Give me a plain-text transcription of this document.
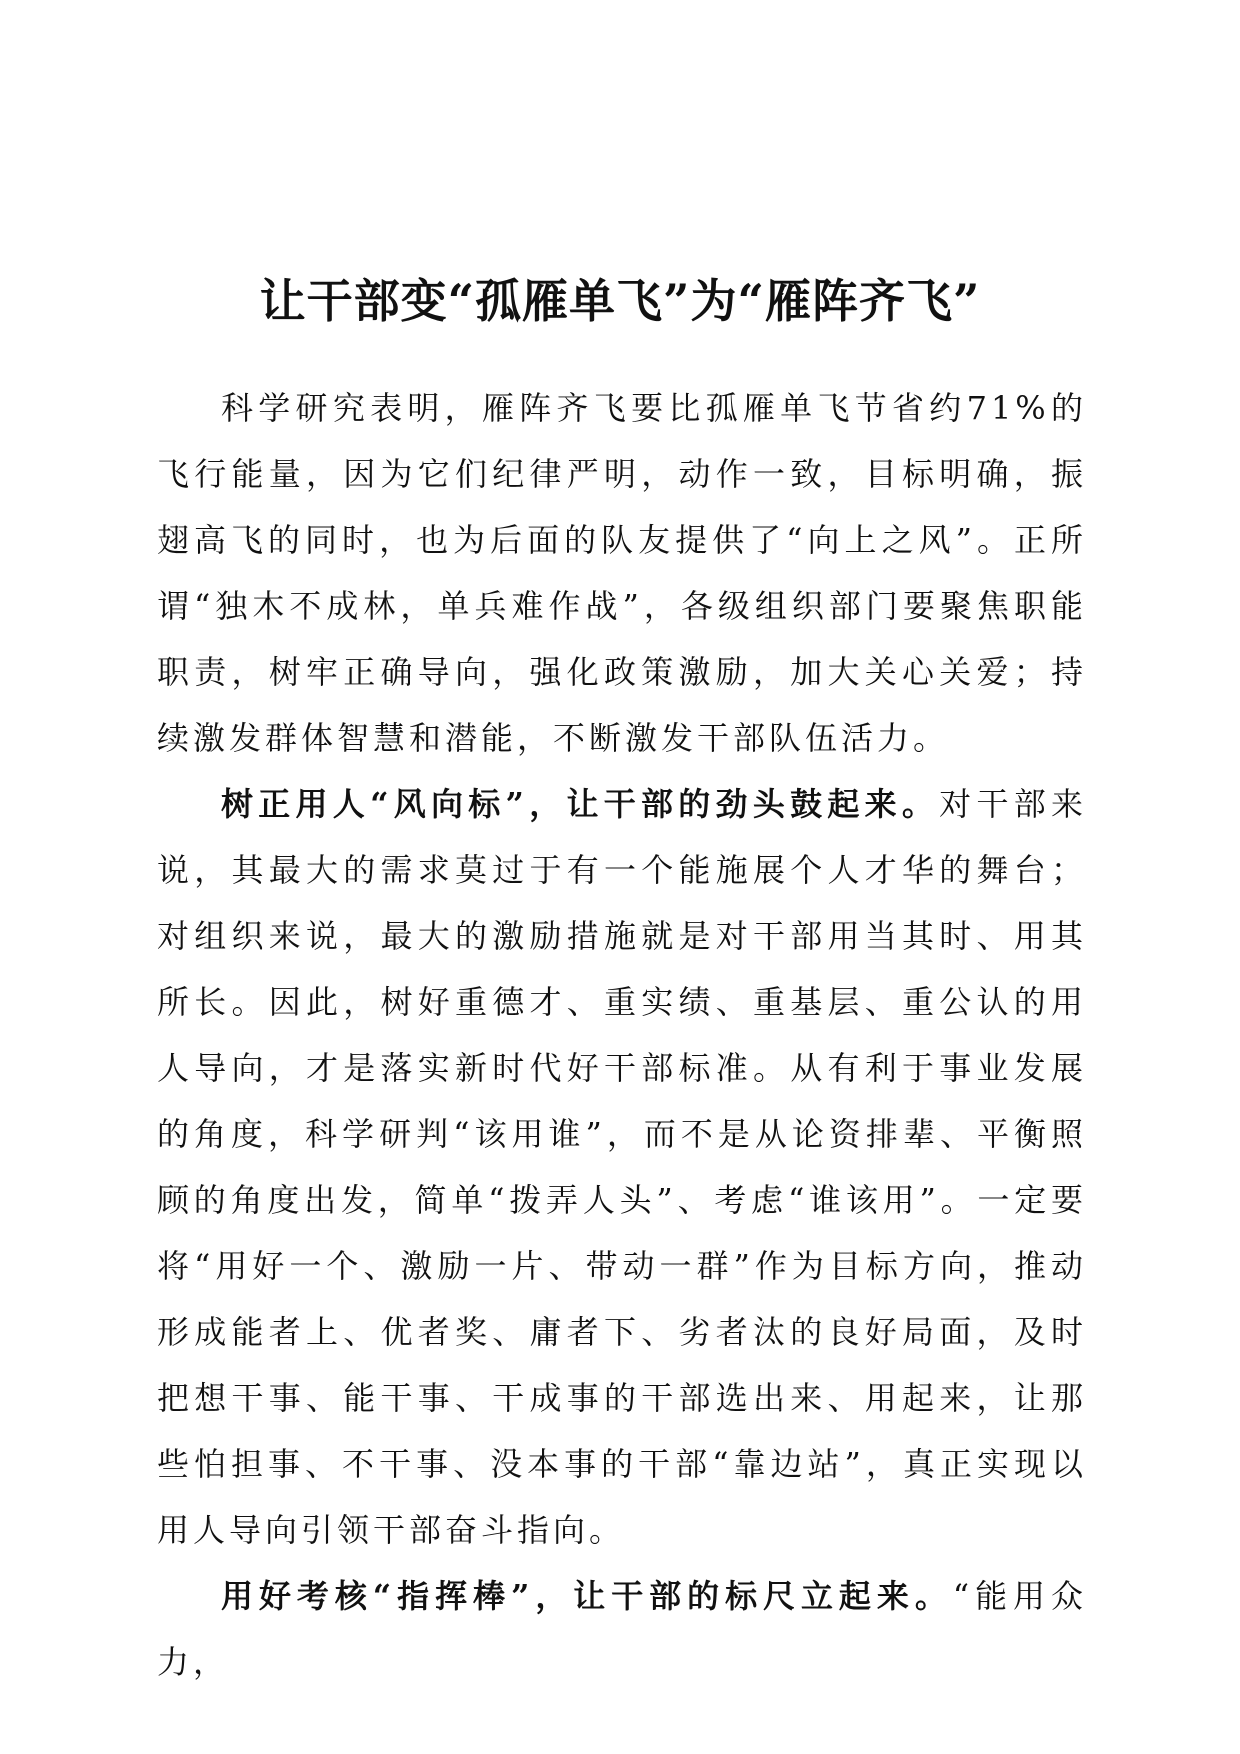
让干部变“孤雁单飞”为“雁阵齐飞”

科学研究表明，雁阵齐飞要比孤雁单飞节省约71%的飞行能量，因为它们纪律严明，动作一致，目标明确，振翅高飞的同时，也为后面的队友提供了“向上之风”。正所谓“独木不成林，单兵难作战”，各级组织部门要聚焦职能职责，树牢正确导向，强化政策激励，加大关心关爱；持续激发群体智慧和潜能，不断激发干部队伍活力。

树正用人“风向标”，让干部的劲头鼓起来。对干部来说，其最大的需求莫过于有一个能施展个人才华的舞台；对组织来说，最大的激励措施就是对干部用当其时、用其所长。因此，树好重德才、重实绩、重基层、重公认的用人导向，才是落实新时代好干部标准。从有利于事业发展的角度，科学研判“该用谁”，而不是从论资排辈、平衡照顾的角度出发，简单“拨弄人头”、考虑“谁该用”。一定要将“用好一个、激励一片、带动一群”作为目标方向，推动形成能者上、优者奖、庸者下、劣者汰的良好局面，及时把想干事、能干事、干成事的干部选出来、用起来，让那些怕担事、不干事、没本事的干部“靠边站”，真正实现以用人导向引领干部奋斗指向。

用好考核“指挥棒”，让干部的标尺立起来。“能用众力，
